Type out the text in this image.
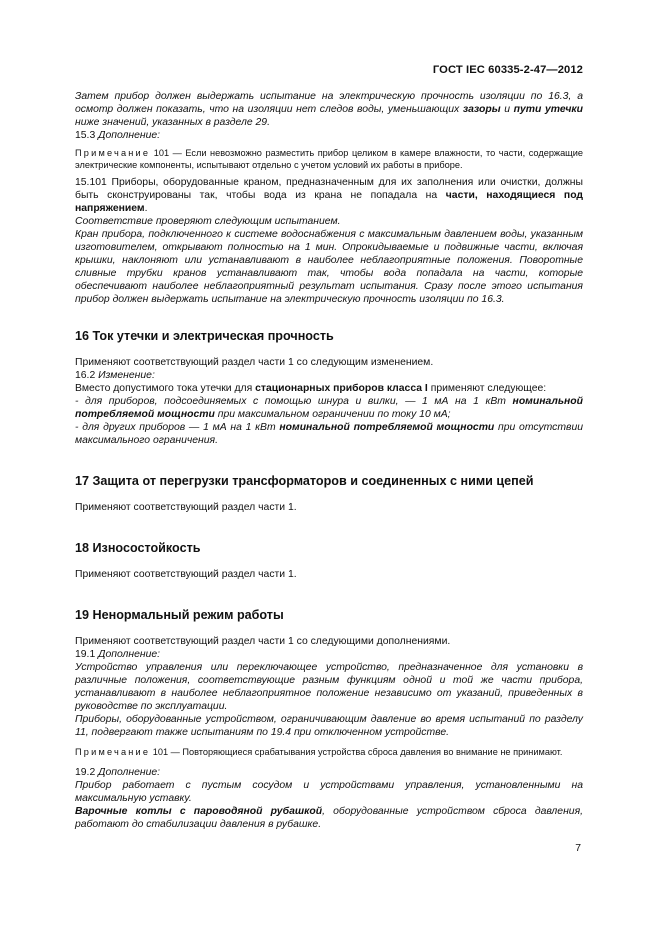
ГОСТ IEC 60335-2-47—2012

Затем прибор должен выдержать испытание на электрическую прочность изоляции по 16.3, а осмотр должен показать, что на изоляции нет следов воды, уменьшающих зазоры и пути утечки ниже значений, указанных в разделе 29.

15.3 Дополнение:

Примечание 101 — Если невозможно разместить прибор целиком в камере влажности, то части, содержащие электрические компоненты, испытывают отдельно с учетом условий их работы в приборе.

15.101 Приборы, оборудованные краном, предназначенным для их заполнения или очистки, должны быть сконструированы так, чтобы вода из крана не попадала на части, находящиеся под напряжением.

Соответствие проверяют следующим испытанием.

Кран прибора, подключенного к системе водоснабжения с максимальным давлением воды, указанным изготовителем, открывают полностью на 1 мин. Опрокидываемые и подвижные части, включая крышки, наклоняют или устанавливают в наиболее неблагоприятные положения. Поворотные сливные трубки кранов устанавливают так, чтобы вода попадала на части, которые обеспечивают наиболее неблагоприятный результат испытания. Сразу после этого испытания прибор должен выдержать испытание на электрическую прочность изоляции по 16.3.

16 Ток утечки и электрическая прочность

Применяют соответствующий раздел части 1 со следующим изменением.

16.2 Изменение:

Вместо допустимого тока утечки для стационарных приборов класса I применяют следующее:

- для приборов, подсоединяемых с помощью шнура и вилки, — 1 мА на 1 кВт номинальной потребляемой мощности при максимальном ограничении по току 10 мА;

- для других приборов — 1 мА на 1 кВт номинальной потребляемой мощности при отсутствии максимального ограничения.

17 Защита от перегрузки трансформаторов и соединенных с ними цепей

Применяют соответствующий раздел части 1.

18 Износостойкость

Применяют соответствующий раздел части 1.

19 Ненормальный режим работы

Применяют соответствующий раздел части 1 со следующими дополнениями.

19.1 Дополнение:

Устройство управления или переключающее устройство, предназначенное для установки в различные положения, соответствующие разным функциям одной и той же части прибора, устанавливают в наиболее неблагоприятное положение независимо от указаний, приведенных в руководстве по эксплуатации.

Приборы, оборудованные устройством, ограничивающим давление во время испытаний по разделу 11, подвергают также испытаниям по 19.4 при отключенном устройстве.

Примечание 101 — Повторяющиеся срабатывания устройства сброса давления во внимание не принимают.

19.2 Дополнение:

Прибор работает с пустым сосудом и устройствами управления, установленными на максимальную уставку.

Варочные котлы с пароводяной рубашкой, оборудованные устройством сброса давления, работают до стабилизации давления в рубашке.

7
